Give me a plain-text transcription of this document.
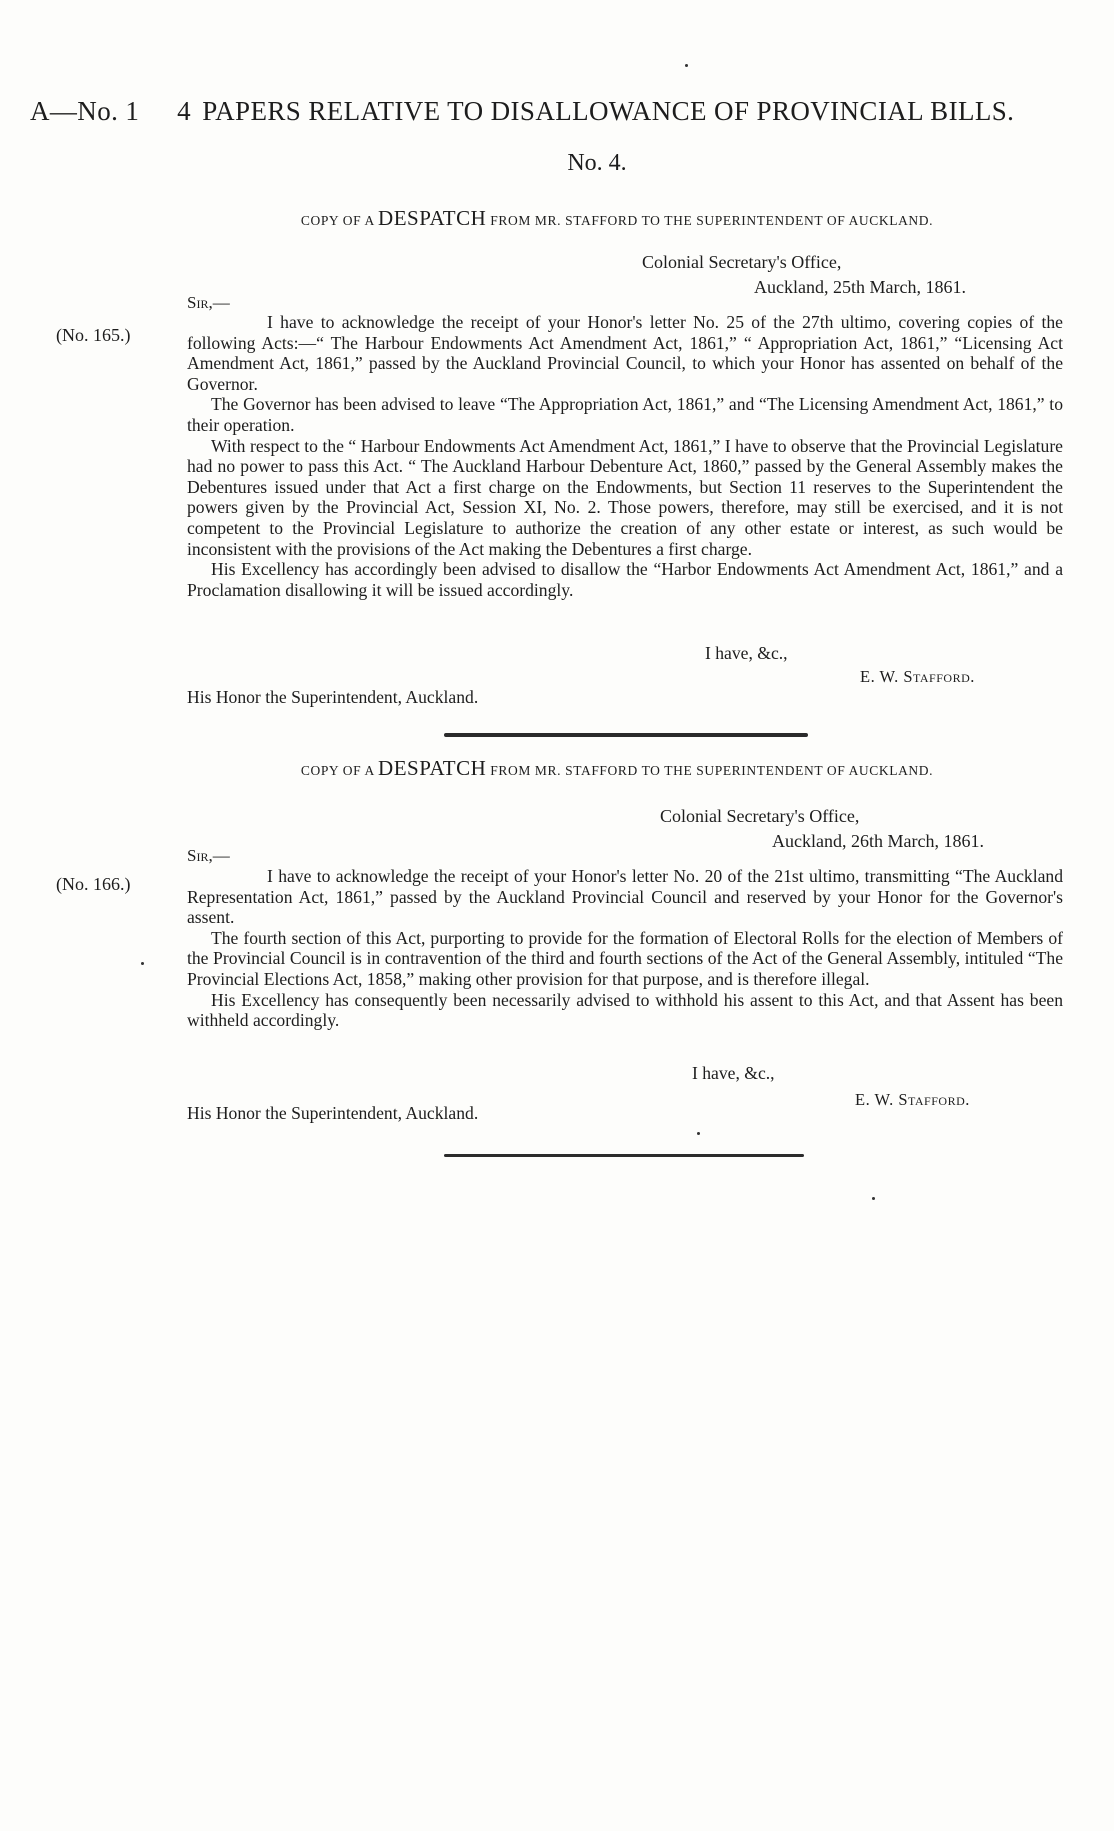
A—No. 1 4 PAPERS RELATIVE TO DISALLOWANCE OF PROVINCIAL BILLS.
No. 4.
COPY OF A DESPATCH FROM MR. STAFFORD TO THE SUPERINTENDENT OF AUCKLAND.
Colonial Secretary's Office,
Auckland, 25th March, 1861.
Sir,—
(No. 165.)

I have to acknowledge the receipt of your Honor's letter No. 25 of the 27th ultimo, covering copies of the following Acts:—“ The Harbour Endowments Act Amendment Act, 1861,” “ Appropriation Act, 1861,” “Licensing Act Amendment Act, 1861,” passed by the Auckland Provincial Council, to which your Honor has assented on behalf of the Governor.

The Governor has been advised to leave “The Appropriation Act, 1861,” and “The Licensing Amendment Act, 1861,” to their operation.

With respect to the “ Harbour Endowments Act Amendment Act, 1861,” I have to observe that the Provincial Legislature had no power to pass this Act. “ The Auckland Harbour Debenture Act, 1860,” passed by the General Assembly makes the Debentures issued under that Act a first charge on the Endowments, but Section 11 reserves to the Superintendent the powers given by the Provincial Act, Session XI, No. 2. Those powers, therefore, may still be exercised, and it is not competent to the Provincial Legislature to authorize the creation of any other estate or interest, as such would be inconsistent with the provisions of the Act making the Debentures a first charge.

His Excellency has accordingly been advised to disallow the “Harbor Endowments Act Amendment Act, 1861,” and a Proclamation disallowing it will be issued accordingly.

I have, &c.,
E. W. Stafford.
His Honor the Superintendent, Auckland.
COPY OF A DESPATCH FROM MR. STAFFORD TO THE SUPERINTENDENT OF AUCKLAND.
Colonial Secretary's Office,
Auckland, 26th March, 1861.
Sir,—
(No. 166.)	I have to acknowledge the receipt of your Honor's letter No. 20 of the 21st ultimo, transmitting “The Auckland Representation Act, 1861,” passed by the Auckland Provincial Council and reserved by your Honor for the Governor's assent.

The fourth section of this Act, purporting to provide for the formation of Electoral Rolls for the election of Members of the Provincial Council is in contravention of the third and fourth sections of the Act of the General Assembly, intituled “The Provincial Elections Act, 1858,” making other provision for that purpose, and is therefore illegal.

His Excellency has consequently been necessarily advised to withhold his assent to this Act, and that Assent has been withheld accordingly.

I have, &c.,
E. W. Stafford.
His Honor the Superintendent, Auckland.
